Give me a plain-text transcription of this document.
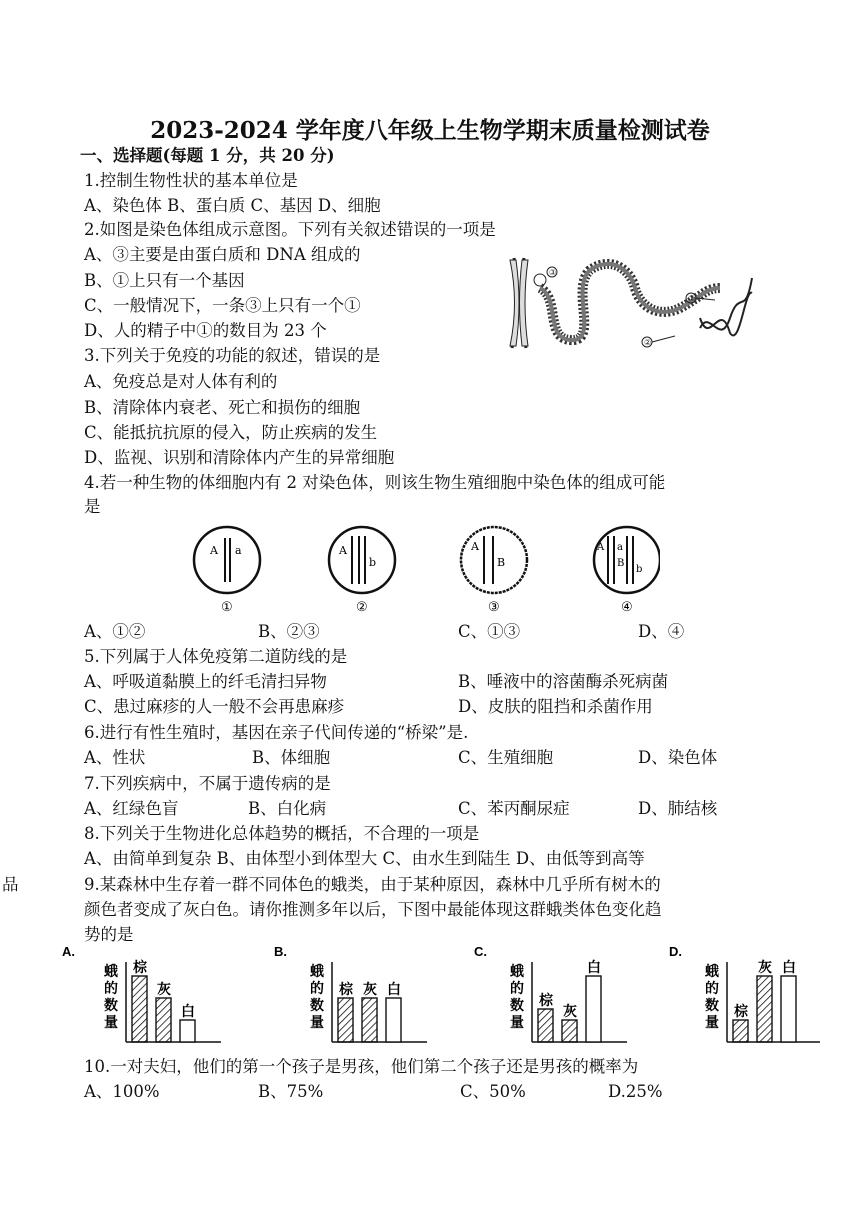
2023-2024 学年度八年级上生物学期末质量检测试卷
一、选择题(每题 1 分，共 20 分)
1.控制生物性状的基本单位是
A、染色体 B、蛋白质 C、基因 D、细胞
2.如图是染色体组成示意图。下列有关叙述错误的一项是
A、③主要是由蛋白质和 DNA 组成的
B、①上只有一个基因
C、一般情况下，一条③上只有一个①
D、人的精子中①的数目为 23 个
③
①
②
3.下列关于免疫的功能的叙述，错误的是
A、免疫总是对人体有利的
B、清除体内衰老、死亡和损伤的细胞
C、能抵抗抗原的侵入，防止疾病的发生
D、监视、识别和清除体内产生的异常细胞
4.若一种生物的体细胞内有 2 对染色体，则该生物生殖细胞中染色体的组成可能
是
A a
①
A
b
②
A
B
③
A a
B
b
④
A、①②	B、②③	C、①③	D、④
5.下列属于人体免疫第二道防线的是
A、呼吸道黏膜上的纤毛清扫异物	B、唾液中的溶菌酶杀死病菌
C、患过麻疹的人一般不会再患麻疹	D、皮肤的阻挡和杀菌作用
6.进行有性生殖时，基因在亲子代间传递的“桥梁”是.
A、性状	B、体细胞	C、生殖细胞	D、染色体
7.下列疾病中，不属于遗传病的是
A、红绿色盲	B、白化病	C、苯丙酮尿症	D、肺结核
8.下列关于生物进化总体趋势的概括，不合理的一项是
A、由简单到复杂 B、由体型小到体型大 C、由水生到陆生 D、由低等到高等
品	9.某森林中生存着一群不同体色的蛾类，由于某种原因，森林中几乎所有树木的
颜色者变成了灰白色。请你推测多年以后，下图中最能体现这群蛾类体色变化趋
势的是
A.
蛾的数量
棕
灰
白
B.
蛾的数量
棕 灰 白
C.
蛾的数量
棕
灰
白
D.
蛾的数量
棕
灰 白
10.一对夫妇，他们的第一个孩子是男孩，他们第二个孩子还是男孩的概率为
A、100%	B、75%	C、50%	D.25%
